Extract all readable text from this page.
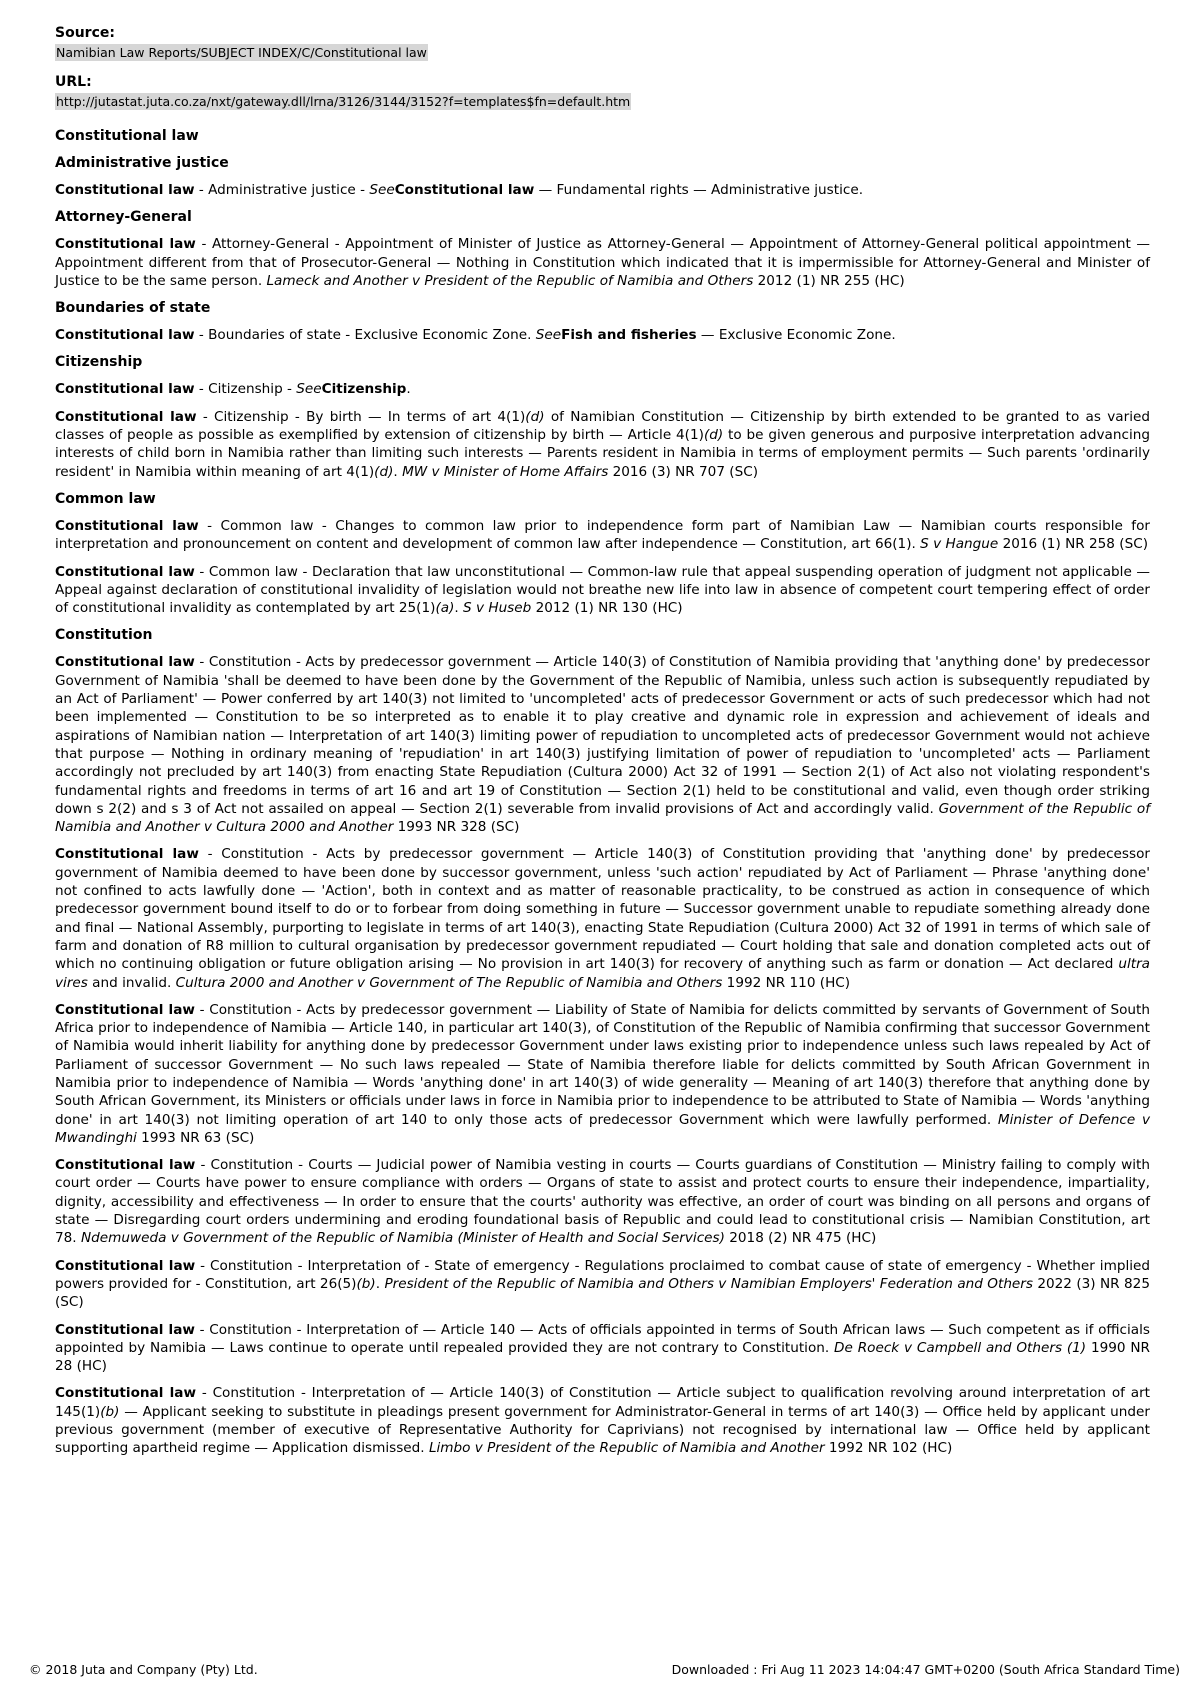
Source:
Namibian Law Reports/SUBJECT INDEX/C/Constitutional law
URL:
http://jutastat.juta.co.za/nxt/gateway.dll/lrna/3126/3144/3152?f=templates$fn=default.htm
Constitutional law
Administrative justice
Constitutional law - Administrative justice - SeeConstitutional law — Fundamental rights — Administrative justice.
Attorney-General
Constitutional law - Attorney-General - Appointment of Minister of Justice as Attorney-General — Appointment of Attorney-General political appointment — Appointment different from that of Prosecutor-General — Nothing in Constitution which indicated that it is impermissible for Attorney-General and Minister of Justice to be the same person. Lameck and Another v President of the Republic of Namibia and Others 2012 (1) NR 255 (HC)
Boundaries of state
Constitutional law - Boundaries of state - Exclusive Economic Zone. SeeFish and fisheries — Exclusive Economic Zone.
Citizenship
Constitutional law - Citizenship - SeeCitizenship.
Constitutional law - Citizenship - By birth — In terms of art 4(1)(d) of Namibian Constitution — Citizenship by birth extended to be granted to as varied classes of people as possible as exemplified by extension of citizenship by birth — Article 4(1)(d) to be given generous and purposive interpretation advancing interests of child born in Namibia rather than limiting such interests — Parents resident in Namibia in terms of employment permits — Such parents 'ordinarily resident' in Namibia within meaning of art 4(1)(d). MW v Minister of Home Affairs 2016 (3) NR 707 (SC)
Common law
Constitutional law - Common law - Changes to common law prior to independence form part of Namibian Law — Namibian courts responsible for interpretation and pronouncement on content and development of common law after independence — Constitution, art 66(1). S v Hangue 2016 (1) NR 258 (SC)
Constitutional law - Common law - Declaration that law unconstitutional — Common-law rule that appeal suspending operation of judgment not applicable — Appeal against declaration of constitutional invalidity of legislation would not breathe new life into law in absence of competent court tempering effect of order of constitutional invalidity as contemplated by art 25(1)(a). S v Huseb 2012 (1) NR 130 (HC)
Constitution
Constitutional law - Constitution - Acts by predecessor government — Article 140(3) of Constitution of Namibia providing that 'anything done' by predecessor Government of Namibia 'shall be deemed to have been done by the Government of the Republic of Namibia, unless such action is subsequently repudiated by an Act of Parliament' — Power conferred by art 140(3) not limited to 'uncompleted' acts of predecessor Government or acts of such predecessor which had not been implemented — Constitution to be so interpreted as to enable it to play creative and dynamic role in expression and achievement of ideals and aspirations of Namibian nation — Interpretation of art 140(3) limiting power of repudiation to uncompleted acts of predecessor Government would not achieve that purpose — Nothing in ordinary meaning of 'repudiation' in art 140(3) justifying limitation of power of repudiation to 'uncompleted' acts — Parliament accordingly not precluded by art 140(3) from enacting State Repudiation (Cultura 2000) Act 32 of 1991 — Section 2(1) of Act also not violating respondent's fundamental rights and freedoms in terms of art 16 and art 19 of Constitution — Section 2(1) held to be constitutional and valid, even though order striking down s 2(2) and s 3 of Act not assailed on appeal — Section 2(1) severable from invalid provisions of Act and accordingly valid. Government of the Republic of Namibia and Another v Cultura 2000 and Another 1993 NR 328 (SC)
Constitutional law - Constitution - Acts by predecessor government — Article 140(3) of Constitution providing that 'anything done' by predecessor government of Namibia deemed to have been done by successor government, unless 'such action' repudiated by Act of Parliament — Phrase 'anything done' not confined to acts lawfully done — 'Action', both in context and as matter of reasonable practicality, to be construed as action in consequence of which predecessor government bound itself to do or to forbear from doing something in future — Successor government unable to repudiate something already done and final — National Assembly, purporting to legislate in terms of art 140(3), enacting State Repudiation (Cultura 2000) Act 32 of 1991 in terms of which sale of farm and donation of R8 million to cultural organisation by predecessor government repudiated — Court holding that sale and donation completed acts out of which no continuing obligation or future obligation arising — No provision in art 140(3) for recovery of anything such as farm or donation — Act declared ultra vires and invalid. Cultura 2000 and Another v Government of The Republic of Namibia and Others 1992 NR 110 (HC)
Constitutional law - Constitution - Acts by predecessor government — Liability of State of Namibia for delicts committed by servants of Government of South Africa prior to independence of Namibia — Article 140, in particular art 140(3), of Constitution of the Republic of Namibia confirming that successor Government of Namibia would inherit liability for anything done by predecessor Government under laws existing prior to independence unless such laws repealed by Act of Parliament of successor Government — No such laws repealed — State of Namibia therefore liable for delicts committed by South African Government in Namibia prior to independence of Namibia — Words 'anything done' in art 140(3) of wide generality — Meaning of art 140(3) therefore that anything done by South African Government, its Ministers or officials under laws in force in Namibia prior to independence to be attributed to State of Namibia — Words 'anything done' in art 140(3) not limiting operation of art 140 to only those acts of predecessor Government which were lawfully performed. Minister of Defence v Mwandinghi 1993 NR 63 (SC)
Constitutional law - Constitution - Courts — Judicial power of Namibia vesting in courts — Courts guardians of Constitution — Ministry failing to comply with court order — Courts have power to ensure compliance with orders — Organs of state to assist and protect courts to ensure their independence, impartiality, dignity, accessibility and effectiveness — In order to ensure that the courts' authority was effective, an order of court was binding on all persons and organs of state — Disregarding court orders undermining and eroding foundational basis of Republic and could lead to constitutional crisis — Namibian Constitution, art 78. Ndemuweda v Government of the Republic of Namibia (Minister of Health and Social Services) 2018 (2) NR 475 (HC)
Constitutional law - Constitution - Interpretation of - State of emergency - Regulations proclaimed to combat cause of state of emergency - Whether implied powers provided for - Constitution, art 26(5)(b). President of the Republic of Namibia and Others v Namibian Employers' Federation and Others 2022 (3) NR 825 (SC)
Constitutional law - Constitution - Interpretation of — Article 140 — Acts of officials appointed in terms of South African laws — Such competent as if officials appointed by Namibia — Laws continue to operate until repealed provided they are not contrary to Constitution. De Roeck v Campbell and Others (1) 1990 NR 28 (HC)
Constitutional law - Constitution - Interpretation of — Article 140(3) of Constitution — Article subject to qualification revolving around interpretation of art 145(1)(b) — Applicant seeking to substitute in pleadings present government for Administrator-General in terms of art 140(3) — Office held by applicant under previous government (member of executive of Representative Authority for Caprivians) not recognised by international law — Office held by applicant supporting apartheid regime — Application dismissed. Limbo v President of the Republic of Namibia and Another 1992 NR 102 (HC)
© 2018 Juta and Company (Pty) Ltd.	Downloaded : Fri Aug 11 2023 14:04:47 GMT+0200 (South Africa Standard Time)
